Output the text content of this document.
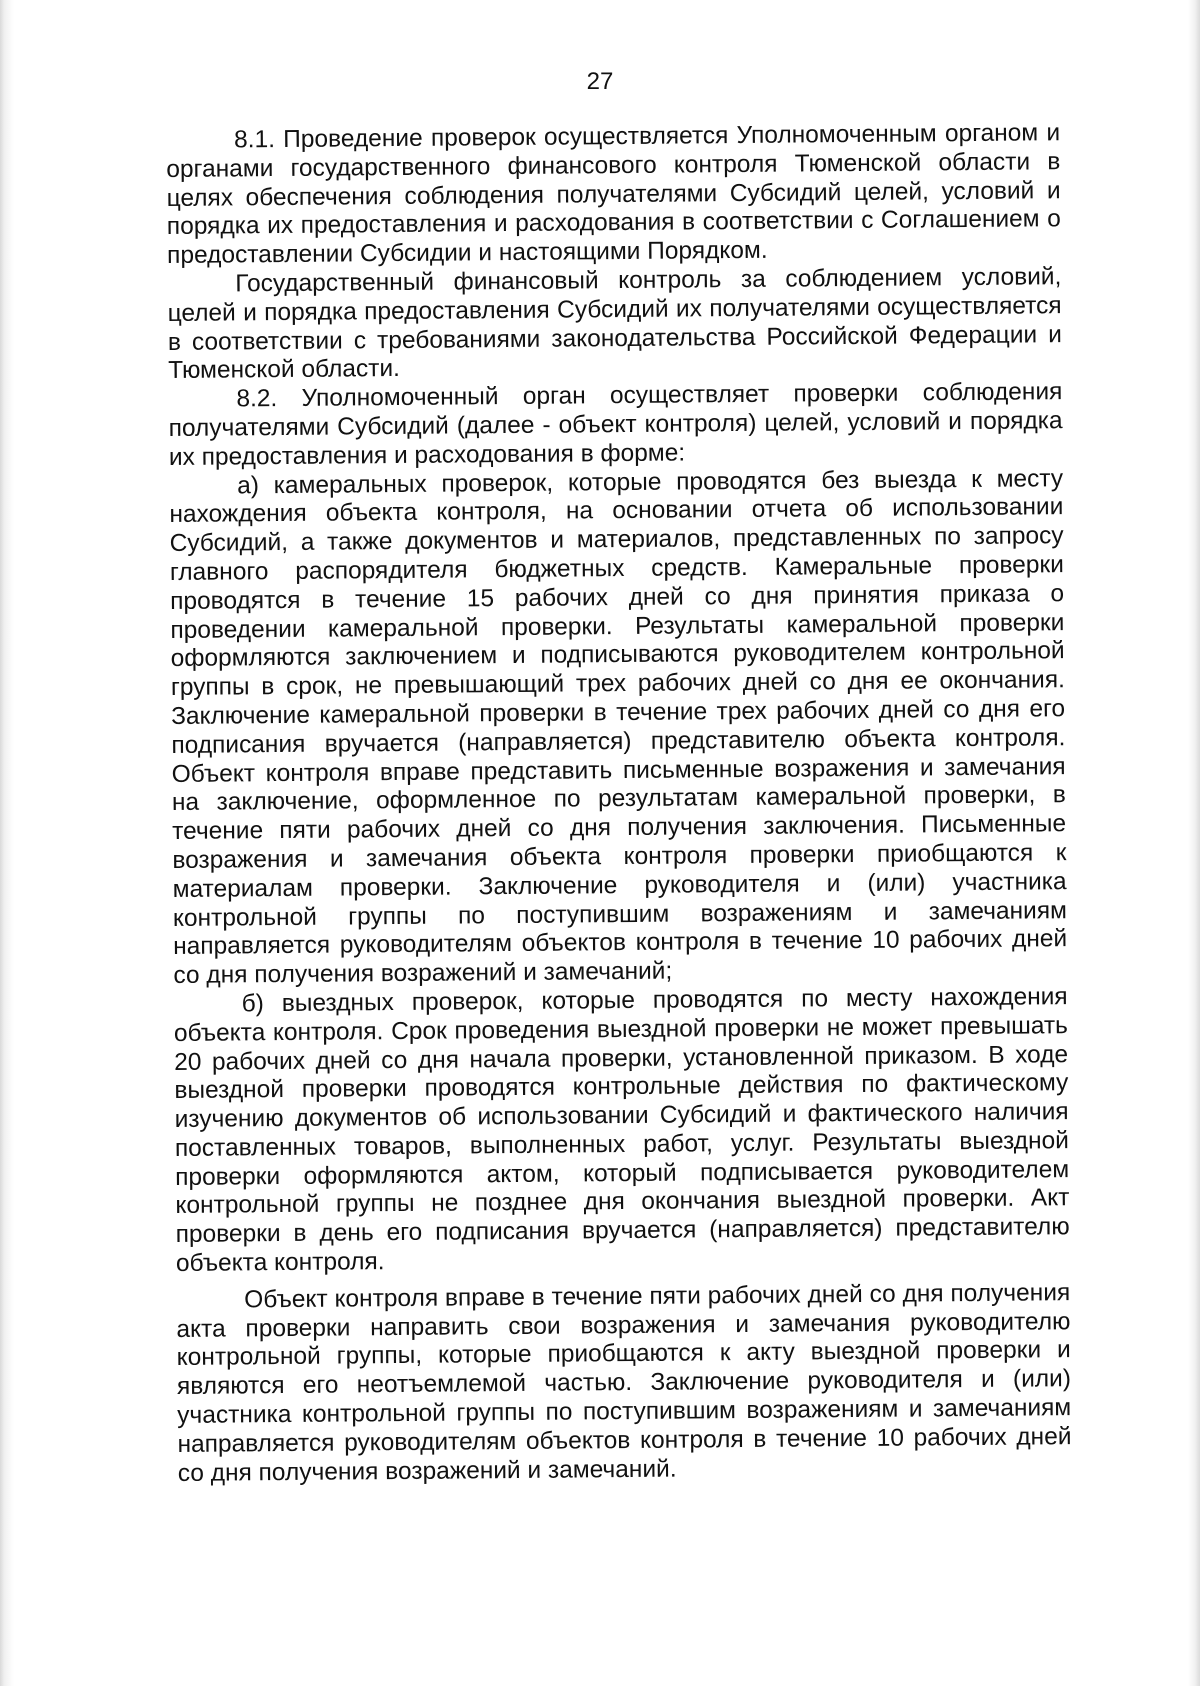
27

8.1. Проведение проверок осуществляется Уполномоченным органом и органами государственного финансового контроля Тюменской области в целях обеспечения соблюдения получателями Субсидий целей, условий и порядка их предоставления и расходования в соответствии с Соглашением о предоставлении Субсидии и настоящими Порядком.

Государственный финансовый контроль за соблюдением условий, целей и порядка предоставления Субсидий их получателями осуществляется в соответствии с требованиями законодательства Российской Федерации и Тюменской области.

8.2. Уполномоченный орган осуществляет проверки соблюдения получателями Субсидий (далее - объект контроля) целей, условий и порядка их предоставления и расходования в форме:

а) камеральных проверок, которые проводятся без выезда к месту нахождения объекта контроля, на основании отчета об использовании Субсидий, а также документов и материалов, представленных по запросу главного распорядителя бюджетных средств. Камеральные проверки проводятся в течение 15 рабочих дней со дня принятия приказа о проведении камеральной проверки. Результаты камеральной проверки оформляются заключением и подписываются руководителем контрольной группы в срок, не превышающий трех рабочих дней со дня ее окончания. Заключение камеральной проверки в течение трех рабочих дней со дня его подписания вручается (направляется) представителю объекта контроля. Объект контроля вправе представить письменные возражения и замечания на заключение, оформленное по результатам камеральной проверки, в течение пяти рабочих дней со дня получения заключения. Письменные возражения и замечания объекта контроля проверки приобщаются к материалам проверки. Заключение руководителя и (или) участника контрольной группы по поступившим возражениям и замечаниям направляется руководителям объектов контроля в течение 10 рабочих дней со дня получения возражений и замечаний;

б) выездных проверок, которые проводятся по месту нахождения объекта контроля. Срок проведения выездной проверки не может превышать 20 рабочих дней со дня начала проверки, установленной приказом. В ходе выездной проверки проводятся контрольные действия по фактическому изучению документов об использовании Субсидий и фактического наличия поставленных товаров, выполненных работ, услуг. Результаты выездной проверки оформляются актом, который подписывается руководителем контрольной группы не позднее дня окончания выездной проверки. Акт проверки в день его подписания вручается (направляется) представителю объекта контроля.

Объект контроля вправе в течение пяти рабочих дней со дня получения акта проверки направить свои возражения и замечания руководителю контрольной группы, которые приобщаются к акту выездной проверки и являются его неотъемлемой частью. Заключение руководителя и (или) участника контрольной группы по поступившим возражениям и замечаниям направляется руководителям объектов контроля в течение 10 рабочих дней со дня получения возражений и замечаний.
